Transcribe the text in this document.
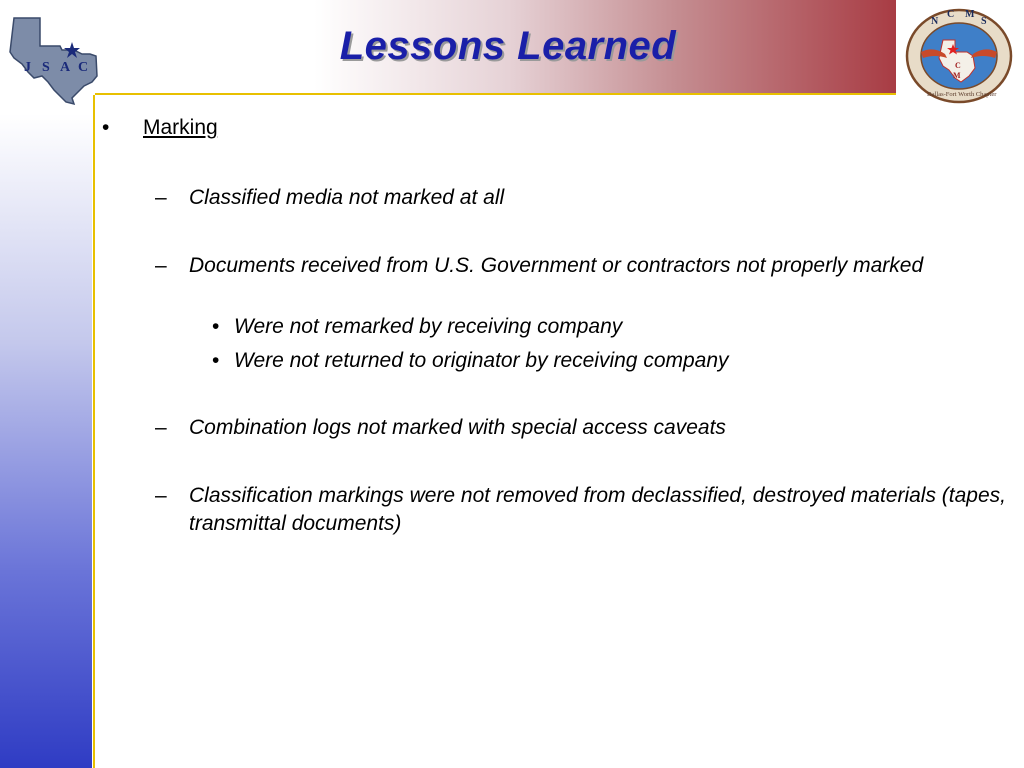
J S A C	Lessons Learned	C
M
N
C M
S
Dallas-Fort Worth Chapter
• Marking
– Classified media not marked at all
– Documents received from U.S. Government or contractors not properly marked
• Were not remarked by receiving company
• Were not returned to originator by receiving company
– Combination logs not marked with special access caveats
– Classification markings were not removed from declassified, destroyed materials (tapes, transmittal documents)
